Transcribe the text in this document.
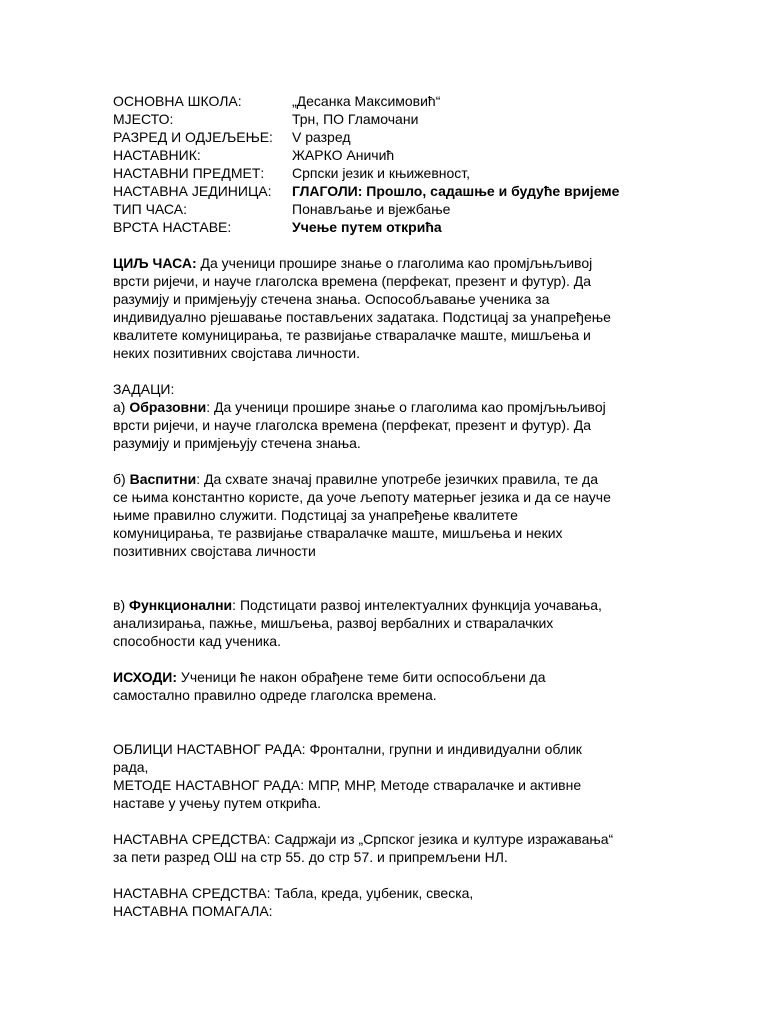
ОСНОВНА ШКОЛА:	„Десанка Максимовић“
МЈЕСТО:	Трн, ПО Гламочани
РАЗРЕД И ОДЈЕЉЕЊЕ:	V разред
НАСТАВНИК:	ЖАРКО Аничић
НАСТАВНИ ПРЕДМЕТ:	Српски језик и књижевност,
НАСТАВНА ЈЕДИНИЦА:	ГЛАГОЛИ: Прошло, садашње и будуће вријеме
ТИП ЧАСА:	Понављање и вјежбање
ВРСТА НАСТАВЕ:	Учење путем открића
ЦИЉ ЧАСА: Да ученици прошире знање о глаголима као промјљњљивој
врсти ријечи, и науче глаголска времена (перфекат, презент и футур). Да
разумију и примјењују стечена знања. Оспособљавање ученика за
индивидуално рјешавање постављених задатака. Подстицај за унапређење
квалитете комуницирања, те развијање стваралачке маште, мишљења и
неких позитивних својстава личности.
ЗАДАЦИ:
а) Образовни: Да ученици прошире знање о глаголима као промјљњљивој
врсти ријечи, и науче глаголска времена (перфекат, презент и футур). Да
разумију и примјењују стечена знања.
б) Васпитни: Да схвате значај правилне употребе језичких правила, те да
се њима константно користе, да уоче љепоту матерњег језика и да се науче
њиме правилно служити. Подстицај за унапређење квалитете
комуницирања, те развијање стваралачке маште, мишљења и неких
позитивних својстава личности
в) Функционални: Подстицати развој интелектуалних функција уочавања,
анализирања, пажње, мишљења, развој вербалних и стваралачких
способности кад ученика.
ИСХОДИ: Ученици ће након обрађене теме бити оспособљени да
самостално правилно одреде глаголска времена.
ОБЛИЦИ НАСТАВНОГ РАДА: Фронтални, групни и индивидуални облик
рада,
МЕТОДЕ НАСТАВНОГ РАДА: МПР, МНР, Методе стваралачке и активне
наставе у учењу путем открића.
НАСТАВНА СРЕДСТВА: Садржаји из „Српског језика и културе изражавања“
за пети разред ОШ на стр 55. до стр 57. и припремљени НЛ.
НАСТАВНА СРЕДСТВА: Табла, креда, уџбеник, свеска,
НАСТАВНА ПОМАГАЛА:
